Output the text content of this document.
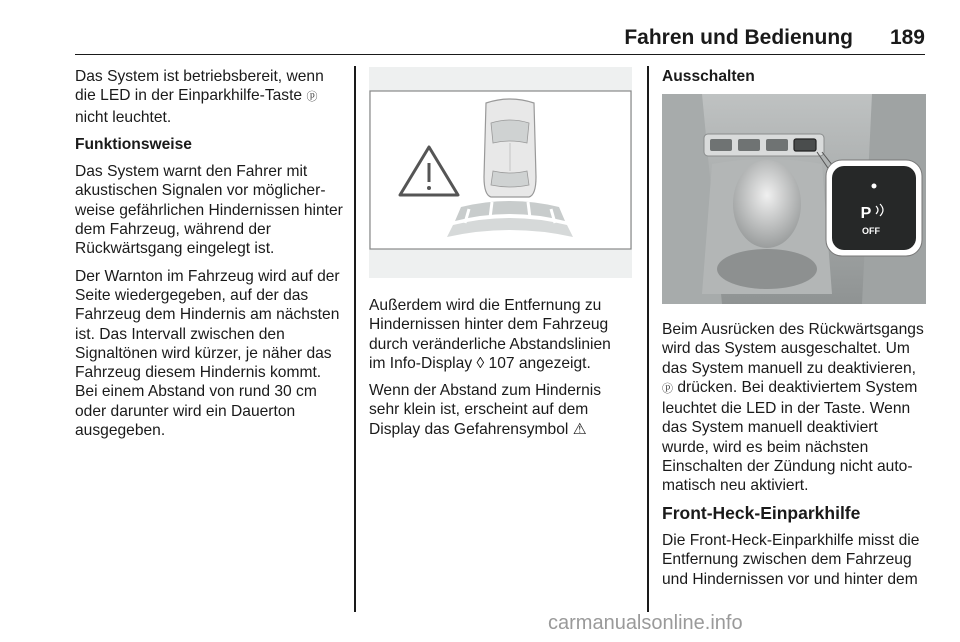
Fahren und Bedienung 189

Das System ist betriebsbereit, wenn die LED in der Einparkhilfe-Taste ⓟ nicht leuchtet.

Funktionsweise

Das System warnt den Fahrer mit akustischen Signalen vor möglicherweise gefährlichen Hindernissen hinter dem Fahrzeug, während der Rückwärtsgang eingelegt ist.

Der Warnton im Fahrzeug wird auf der Seite wiedergegeben, auf der das Fahrzeug dem Hindernis am nächsten ist. Das Intervall zwischen den Signaltönen wird kürzer, je näher das Fahrzeug diesem Hindernis kommt. Bei einem Abstand von rund 30 cm oder darunter wird ein Dauerton ausgegeben.

Außerdem wird die Entfernung zu Hindernissen hinter dem Fahrzeug durch veränderliche Abstandslinien im Info-Display ◊ 107 angezeigt.

Wenn der Abstand zum Hindernis sehr klein ist, erscheint auf dem Display das Gefahrensymbol ⚠

Ausschalten

P
OFF

Beim Ausrücken des Rückwärtsgangs wird das System ausgeschaltet. Um das System manuell zu deaktivieren, ⓟ drücken. Bei deaktiviertem System leuchtet die LED in der Taste. Wenn das System manuell deaktiviert wurde, wird es beim nächsten Einschalten der Zündung nicht automatisch neu aktiviert.

Front-Heck-Einparkhilfe

Die Front-Heck-Einparkhilfe misst die Entfernung zwischen dem Fahrzeug und Hindernissen vor und hinter dem

carmanualsonline.info
